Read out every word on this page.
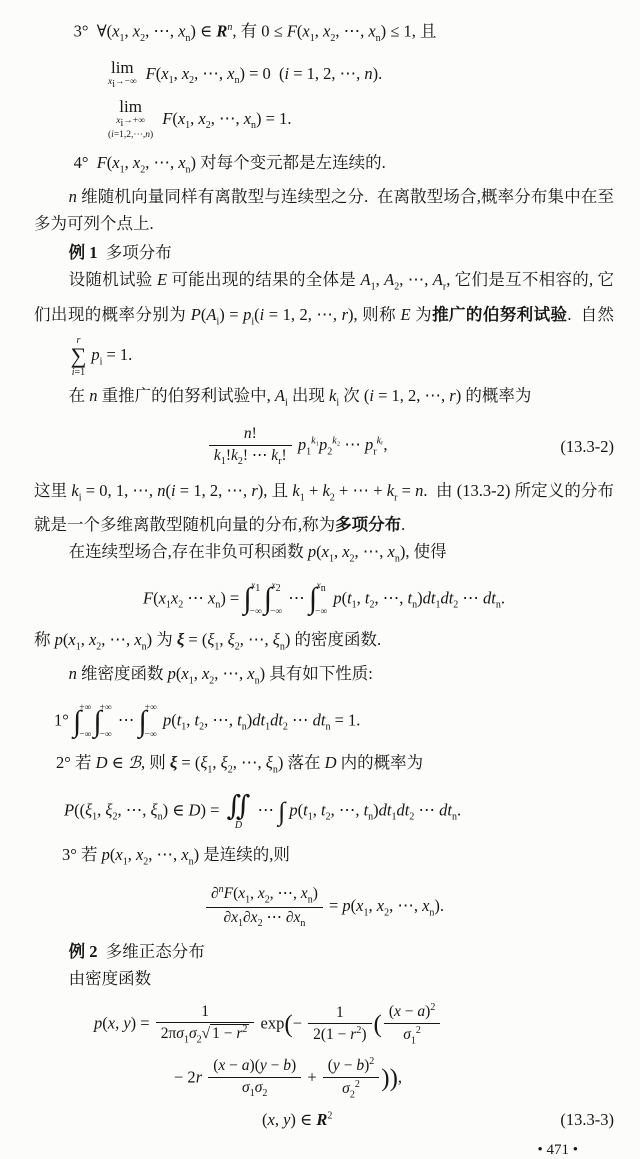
3°  $\forall(x_1$, $x_2$, ⋯, $x_n$) ∈ $R^n$, 有 $0 \le F(x_1$, $x_2$, ⋯, $x_n) \le 1$, 且

lim
$x_i\to-\infty$ $F(x_1$, $x_2$, ⋯, $x_n) = 0$  (i = 1, 2, ⋯, n).
lim
$x_i\to+\infty$
(i=1,2,⋯,n)
$F(x_1$, $x_2$, ⋯, $x_n) = 1$.

4°  $F(x_1$, $x_2$, ⋯, $x_n$) 对每个变元都是左连续的.

n 维随机向量同样有离散型与连续型之分.  在离散型场合,概率分布集中在至多为可列个点上.

例 1  多项分布

设随机试验 E 可能出现的结果的全体是 $A_1$, $A_2$, ⋯, $A_r$, 它们是互不相容的, 它们出现的概率分别为 $P(A_i) = p_i(i = 1$, 2, ⋯, r), 则称 E 为推广的伯努利试验.  自然
r
∑
i=1
$p_i = 1$.

在 n 重推广的伯努利试验中, $A_i$ 出现 $k_i$ 次 (i = 1, 2, ⋯, r) 的概率为

$\frac{n!}{k_1!k_2! \cdots k_r!} p_1^{k_1}p_2^{k_2}$ ⋯ $p_r^{kᵣ}$,	(13.3-2)

这里 $k_i = 0$, 1, ⋯, n(i = 1, 2, ⋯, r), 且 $k_1 + k_2$ + ⋯ + $k_r = n$.  由 (13.3-2) 所定义的分布就是一个多维离散型随机向量的分布,称为多项分布.

在连续型场合,存在非负可积函数 $p(x_1$, $x_2$, ⋯, $x_n$), 使得

$F(x_1x_2$ ⋯ $x_n$) = ∫ $x_1$
−∞ ∫ $x_2$
−∞
⋯ ∫ $x_n$
−∞
$p(t_1$, $t_2$, ⋯, $t_n)dt_1dt_2$ ⋯ $dt_n$.

称 $p(x_1$, $x_2$, ⋯, $x_n$) 为 $\xi = (\xi_1$, $\xi_2$, ⋯, $\xi_n$) 的密度函数.

n 维密度函数 $p(x_1$, $x_2$, ⋯, $x_n$) 具有如下性质:

1° ∫
+∞
−∞ ∫
+∞
−∞
⋯ ∫
+∞
−∞
$p(t_1$, $t_2$, ⋯, $t_n)dt_1dt_2$ ⋯ $dt_n = 1$.

2° 若 D ∈ ℬ, 则 $\xi = (\xi_1$, $\xi_2$, ⋯, $\xi_n$) 落在 D 内的概率为

$P((\xi_1$, $\xi_2$, ⋯, $\xi_n$) ∈ D) = ∬
D
⋯ ∫ $p(t_1$, $t_2$, ⋯, $t_n)dt_1dt_2$ ⋯ $dt_n$.

3° 若 $p(x_1$, $x_2$, ⋯, $x_n$) 是连续的,则

$\frac{\partial^nF(x_1, x_2, \cdots, x_n)}{\partial x_1\partial x_2 \cdots \partial x_n} = p(x_1$, $x_2$, ⋯, $x_n$).

例 2  多维正态分布

由密度函数

p(x, $y) = \frac{1}{2\pi\sigma_1\sigma_2√ 1 - r^2} \exp(- \frac{1}{2(1 - r^2)}$ ( $\frac{(x - a)^2}{\sigma_1^2}$
− $2r \frac{(x - a)(y - b)}{\sigma_1\sigma_2} + \frac{(y - b)^2}{\sigma_2^2}$ )),
(x, y) ∈ $R^2$	(13.3-3)
• 471 •
